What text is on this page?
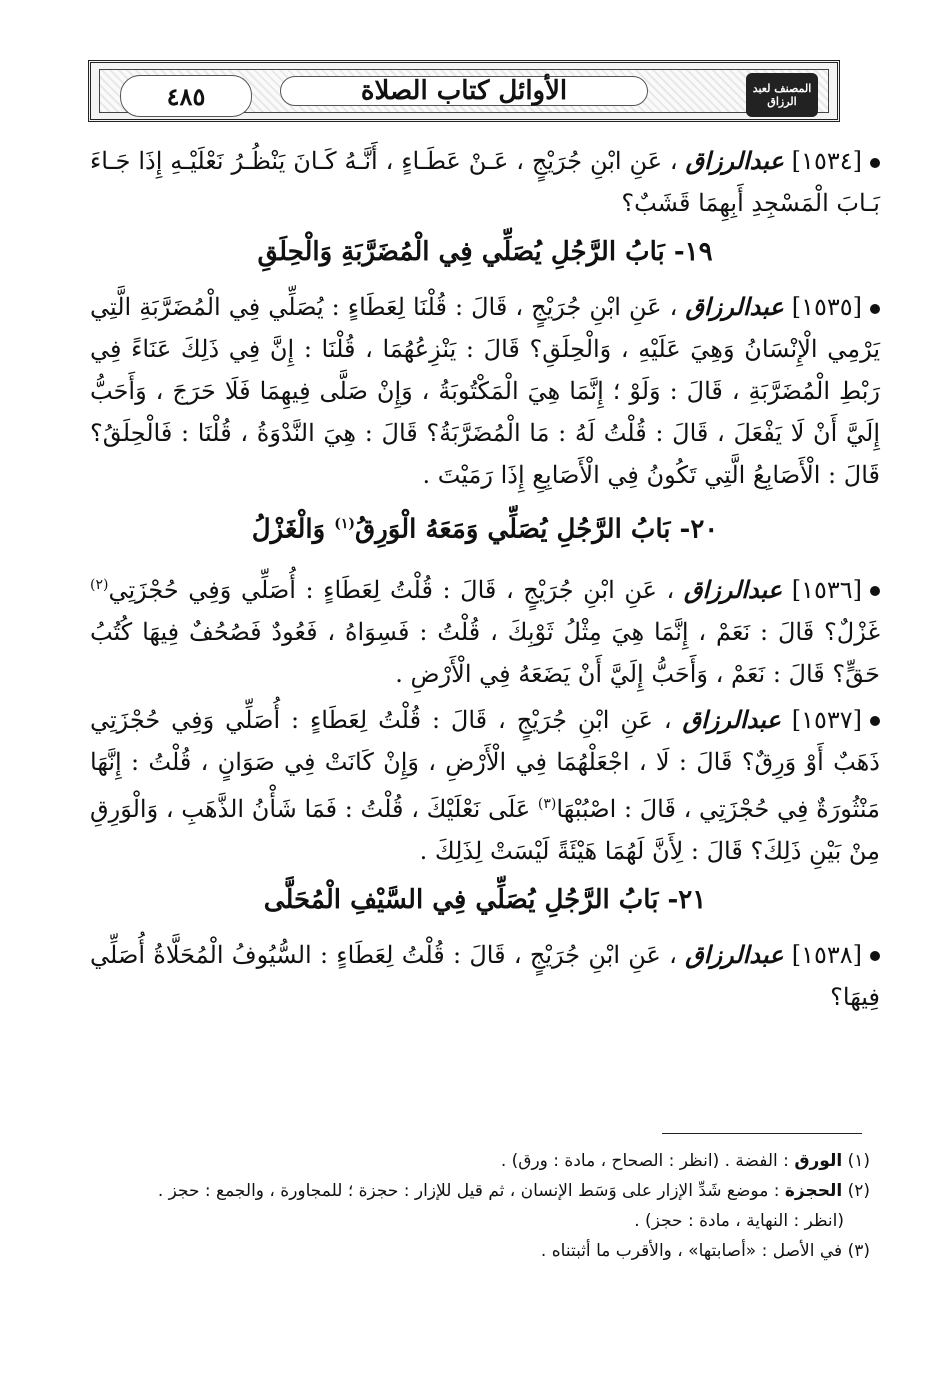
٤٨٥	الأوائل كتاب الصلاة	المصنف لعبد الرزاق

[١٥٣٤] عبدالرزاق ، عَنِ ابْنِ جُرَيْجٍ ، عَـنْ عَطَـاءٍ ، أَنَّـهُ كَـانَ يَنْظُـرُ نَعْلَيْـهِ إِذَا جَـاءَ بَـابَ الْمَسْجِدِ أَبِهِمَا قَشَبٌ؟

١٩- بَابُ الرَّجُلِ يُصَلِّي فِي الْمُضَرَّبَةِ وَالْحِلَقِ

[١٥٣٥] عبدالرزاق ، عَنِ ابْنِ جُرَيْجٍ ، قَالَ : قُلْنَا لِعَطَاءٍ : يُصَلِّي فِي الْمُضَرَّبَةِ الَّتِي يَرْمِي الْإِنْسَانُ وَهِيَ عَلَيْهِ ، وَالْحِلَقِ؟ قَالَ : يَنْزِعُهُمَا ، قُلْنَا : إِنَّ فِي ذَلِكَ عَنَاءً فِي رَبْطِ الْمُضَرَّبَةِ ، قَالَ : وَلَوْ ؛ إِنَّمَا هِيَ الْمَكْتُوبَةُ ، وَإِنْ صَلَّى فِيهِمَا فَلَا حَرَجَ ، وَأَحَبُّ إِلَيَّ أَنْ لَا يَفْعَلَ ، قَالَ : قُلْتُ لَهُ : مَا الْمُضَرَّبَةُ؟ قَالَ : هِيَ النَّدْوَةُ ، قُلْنَا : فَالْحِلَقُ؟ قَالَ : الْأَصَابِعُ الَّتِي تَكُونُ فِي الْأَصَابِعِ إِذَا رَمَيْتَ .

٢٠- بَابُ الرَّجُلِ يُصَلِّي وَمَعَهُ الْوَرِقُ$^{(١)}$ وَالْغَزْلُ

[١٥٣٦] عبدالرزاق ، عَنِ ابْنِ جُرَيْجٍ ، قَالَ : قُلْتُ لِعَطَاءٍ : أُصَلِّي وَفِي حُجْزَتِي$^{(٢)}$ غَزْلٌ؟ قَالَ : نَعَمْ ، إِنَّمَا هِيَ مِثْلُ ثَوْبِكَ ، قُلْتُ : فَسِوَاهُ ، فَعُودٌ فَصُحُفٌ فِيهَا كُتُبُ حَقٍّ؟ قَالَ : نَعَمْ ، وَأَحَبُّ إِلَيَّ أَنْ يَضَعَهُ فِي الْأَرْضِ .

[١٥٣٧] عبدالرزاق ، عَنِ ابْنِ جُرَيْجٍ ، قَالَ : قُلْتُ لِعَطَاءٍ : أُصَلِّي وَفِي حُجْزَتِي ذَهَبٌ أَوْ وَرِقٌ؟ قَالَ : لَا ، اجْعَلْهُمَا فِي الْأَرْضِ ، وَإِنْ كَانَتْ فِي صَوَانٍ ، قُلْتُ : إِنَّهَا مَنْثُورَةٌ فِي حُجْزَتِي ، قَالَ : اصْبُبْهَا$^{(٣)}$ عَلَى نَعْلَيْكَ ، قُلْتُ : فَمَا شَأْنُ الذَّهَبِ ، وَالْوَرِقِ مِنْ بَيْنِ ذَلِكَ؟ قَالَ : لِأَنَّ لَهُمَا هَيْئَةً لَيْسَتْ لِذَلِكَ .

٢١- بَابُ الرَّجُلِ يُصَلِّي فِي السَّيْفِ الْمُحَلَّى

[١٥٣٨] عبدالرزاق ، عَنِ ابْنِ جُرَيْجٍ ، قَالَ : قُلْتُ لِعَطَاءٍ : السُّيُوفُ الْمُحَلَّاةُ أُصَلِّي فِيهَا؟

(١) الورق : الفضة . (انظر : الصحاح ، مادة : ورق) .

(٢) الحجزة : موضع شَدِّ الإزار على وَسَط الإنسان ، ثم قيل للإزار : حجزة ؛ للمجاورة ، والجمع : حجز .

(انظر : النهاية ، مادة : حجز) .

(٣) في الأصل : «أصابتها» ، والأقرب ما أثبتناه .
